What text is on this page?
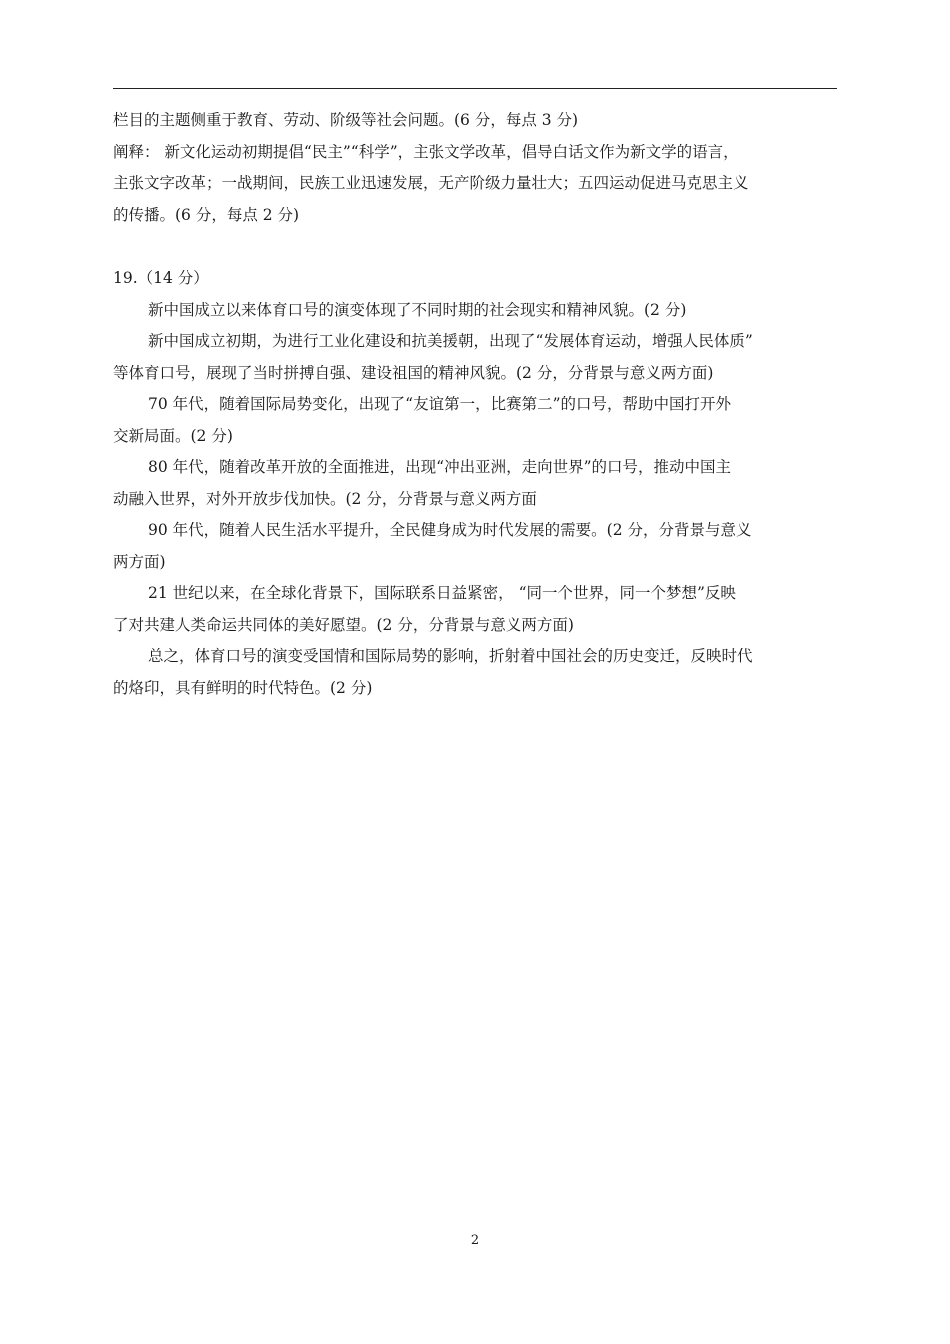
栏目的主题侧重于教育、劳动、阶级等社会问题。(6 分，每点 3 分)

阐释： 新文化运动初期提倡“民主”“科学”，主张文学改革，倡导白话文作为新文学的语言，

主张文字改革；一战期间，民族工业迅速发展，无产阶级力量壮大；五四运动促进马克思主义

的传播。(6 分，每点 2 分)

19.（14 分）

新中国成立以来体育口号的演变体现了不同时期的社会现实和精神风貌。(2 分)

新中国成立初期，为进行工业化建设和抗美援朝，出现了“发展体育运动，增强人民体质”

等体育口号，展现了当时拼搏自强、建设祖国的精神风貌。(2 分，分背景与意义两方面)

70 年代，随着国际局势变化，出现了“友谊第一，比赛第二”的口号，帮助中国打开外

交新局面。(2 分)

80 年代，随着改革开放的全面推进，出现“冲出亚洲，走向世界”的口号，推动中国主

动融入世界，对外开放步伐加快。(2 分，分背景与意义两方面

90 年代，随着人民生活水平提升，全民健身成为时代发展的需要。(2 分，分背景与意义

两方面)

21 世纪以来，在全球化背景下，国际联系日益紧密， “同一个世界，同一个梦想”反映

了对共建人类命运共同体的美好愿望。(2 分，分背景与意义两方面)

总之，体育口号的演变受国情和国际局势的影响，折射着中国社会的历史变迁，反映时代

的烙印，具有鲜明的时代特色。(2 分)

2
